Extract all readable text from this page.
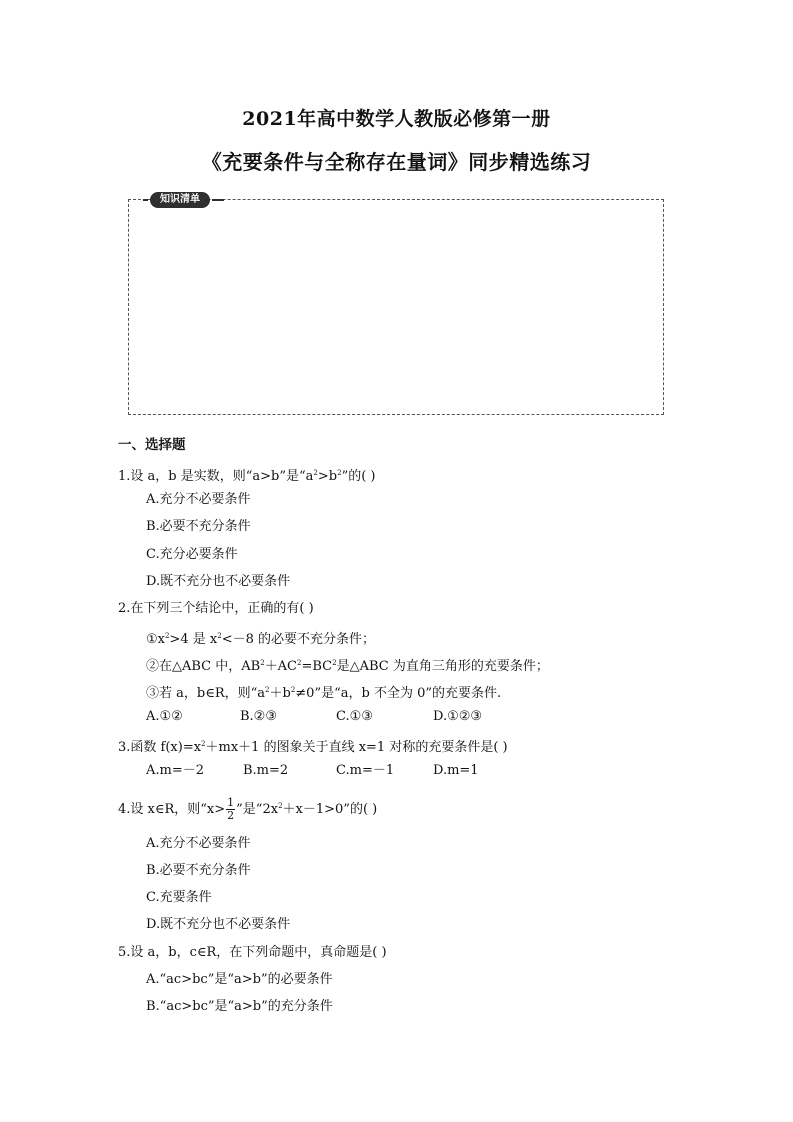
2021年高中数学人教版必修第一册
《充要条件与全称存在量词》同步精选练习
知识清单
一、选择题
1.设 a，b 是实数，则“a>b”是“$a^2>b^2$”的( )
A.充分不必要条件
B.必要不充分条件
C.充分必要条件
D.既不充分也不必要条件
2.在下列三个结论中，正确的有( )
$①x^2>4$ 是 $x^2<-8$ 的必要不充分条件；
②在△ABC 中，$AB^2+AC^2=BC^2$是△ABC 为直角三角形的充要条件；
③若 a，b∈R，则“$a^2+b^2\ne 0$”是“a，b 不全为 0”的充要条件.
A.①②	B.②③	C.①③	D.①②③
3.函数 $f(x)=x^2+mx+1$ 的图象关于直线 x=1 对称的充要条件是( )
A.m=－2	B.m=2	C.m=－1	D.m=1
4.设 x∈R，则“$x> \frac{1}{2}$ ”是“$2x^2+x-1>0$”的( )
A.充分不必要条件
B.必要不充分条件
C.充要条件
D.既不充分也不必要条件
5.设 a，b，c∈R，在下列命题中，真命题是( )
A.“ac>bc”是“a>b”的必要条件
B.“ac>bc”是“a>b”的充分条件
